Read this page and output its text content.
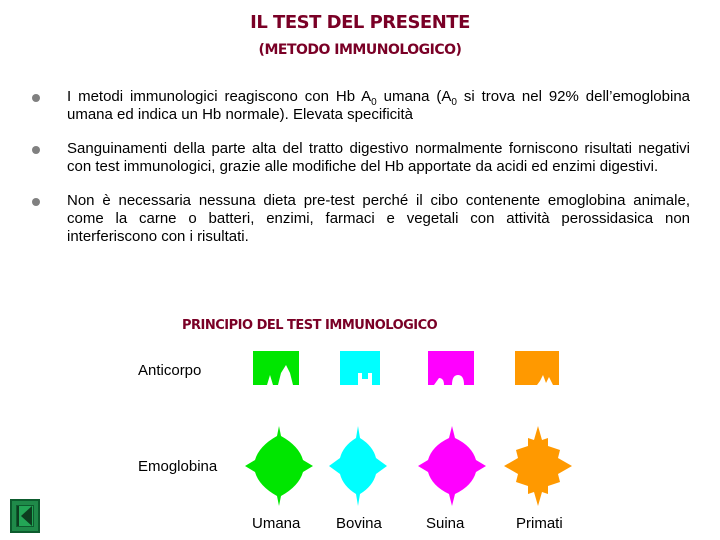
IL TEST DEL PRESENTE
(METODO IMMUNOLOGICO)
I metodi immunologici reagiscono con Hb $A_0$ umana ($A_0$ si trova nel 92% dell’emoglobina umana ed indica un Hb normale). Elevata specificità
Sanguinamenti della parte alta del tratto digestivo normalmente forniscono risultati negativi con test immunologici, grazie alle modifiche del Hb apportate da acidi ed enzimi digestivi.
Non è necessaria nessuna dieta pre-test perché il cibo contenente emoglobina animale, come la carne o batteri, enzimi, farmaci e vegetali con attività perossidasica non interferiscono con i risultati.
PRINCIPIO DEL TEST IMMUNOLOGICO
Anticorpo
Emoglobina
Umana Bovina	Suina	Primati
